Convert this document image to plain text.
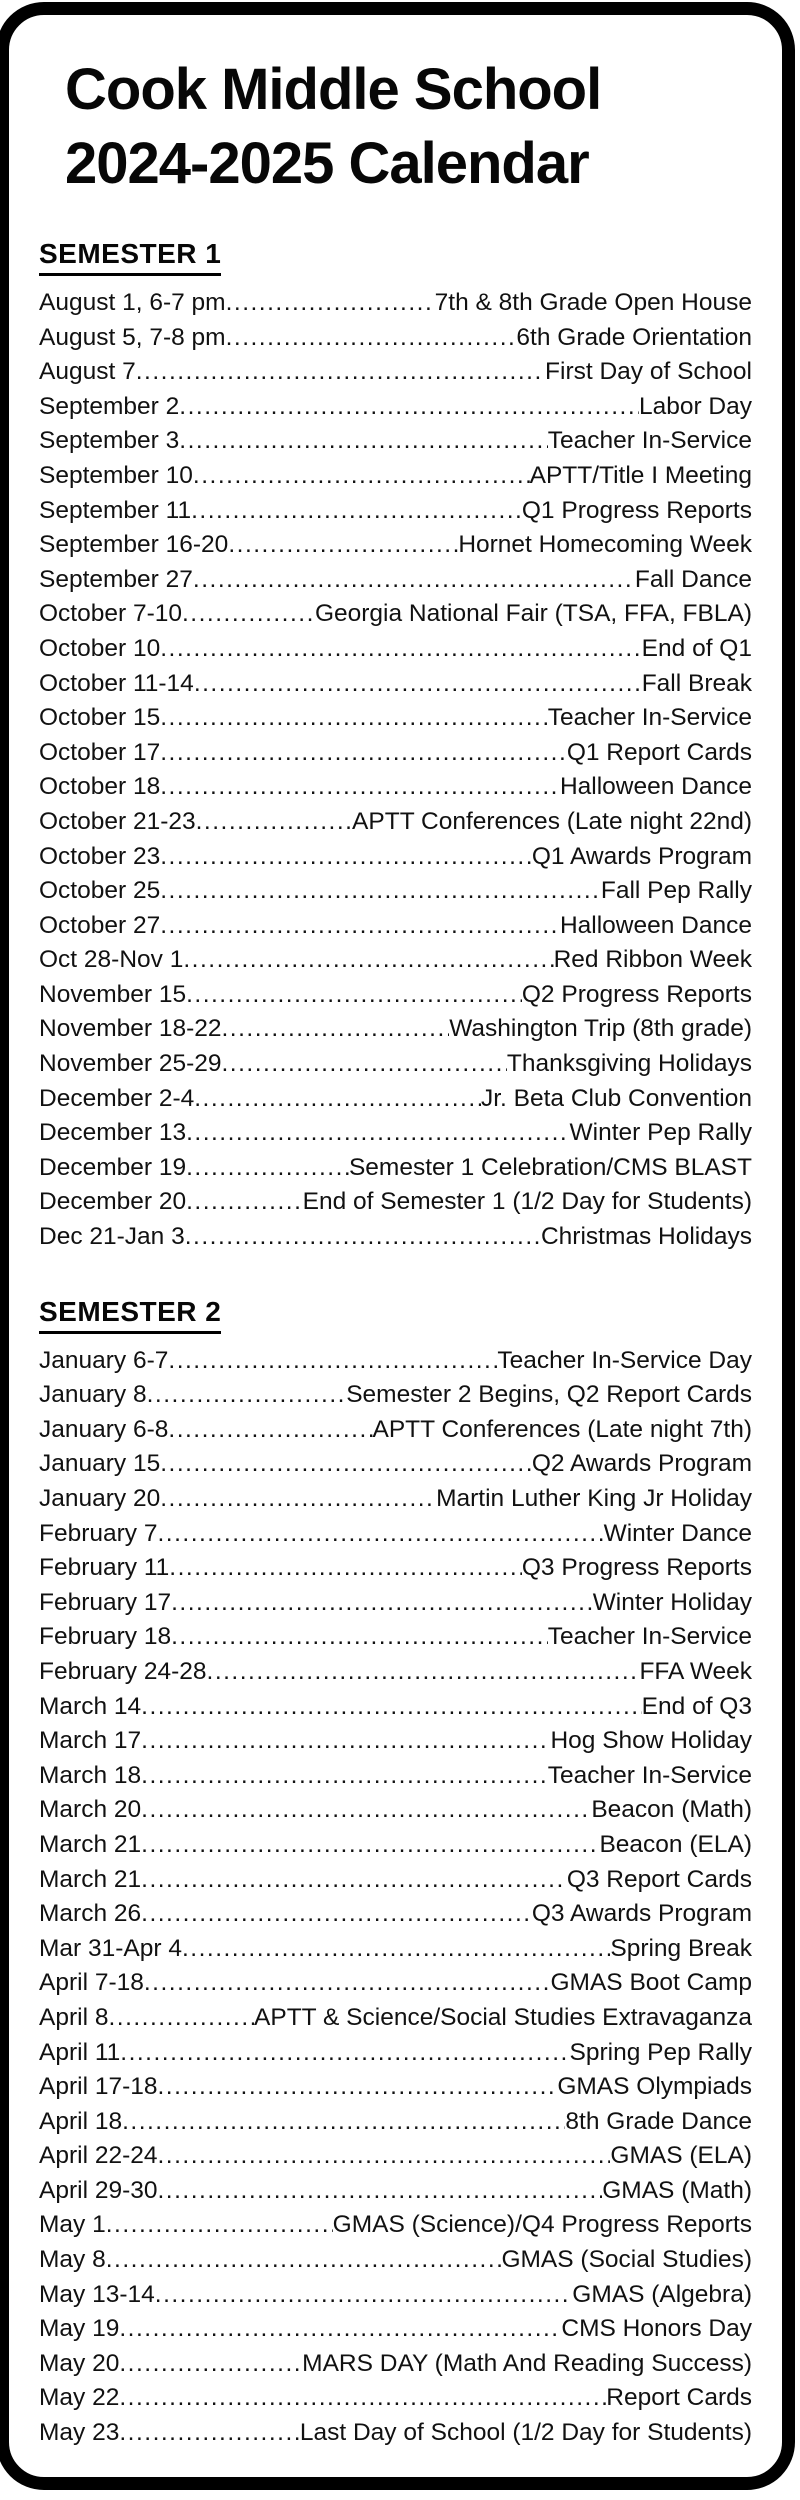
Cook Middle School
2024-2025 Calendar
SEMESTER 1
August 1, 6-7 pm .....	7th & 8th Grade Open House
August 5, 7-8 pm .....	6th Grade Orientation
August 7 .....	First Day of School
September 2 .....	Labor Day
September 3 .....	Teacher In-Service
September 10 .....	APTT/Title I Meeting
September 11 .....	Q1 Progress Reports
September 16-20 .....	Hornet Homecoming Week
September 27 .....	Fall Dance
October 7-10 .....	Georgia National Fair (TSA, FFA, FBLA)
October 10 .....	End of Q1
October 11-14 .....	Fall Break
October 15 .....	Teacher In-Service
October 17 .....	Q1 Report Cards
October 18 .....	Halloween Dance
October 21-23 .....	APTT Conferences (Late night 22nd)
October 23 .....	Q1 Awards Program
October 25 .....	Fall Pep Rally
October 27 .....	Halloween Dance
Oct 28-Nov 1 .....	Red Ribbon Week
November 15 .....	Q2 Progress Reports
November 18-22 .....	Washington Trip (8th grade)
November 25-29 .....	Thanksgiving Holidays
December 2-4 .....	Jr. Beta Club Convention
December 13 .....	Winter Pep Rally
December 19 .....	Semester 1 Celebration/CMS BLAST
December 20 .....	End of Semester 1 (1/2 Day for Students)
Dec 21-Jan 3 .....	Christmas Holidays
SEMESTER 2
January 6-7 .....	Teacher In-Service Day
January 8 .....	Semester 2 Begins, Q2 Report Cards
January 6-8 .....	APTT Conferences (Late night 7th)
January 15 .....	Q2 Awards Program
January 20 .....	Martin Luther King Jr Holiday
February 7 .....	Winter Dance
February 11 .....	Q3 Progress Reports
February 17 .....	Winter Holiday
February 18 .....	Teacher In-Service
February 24-28 .....	FFA Week
March 14 .....	End of Q3
March 17 .....	Hog Show Holiday
March 18 .....	Teacher In-Service
March 20 .....	Beacon (Math)
March 21 .....	Beacon (ELA)
March 21 .....	Q3 Report Cards
March 26 .....	Q3 Awards Program
Mar 31-Apr 4 .....	Spring Break
April 7-18 .....	GMAS Boot Camp
April 8 .....	APTT & Science/Social Studies Extravaganza
April 11 .....	Spring Pep Rally
April 17-18 .....	GMAS Olympiads
April 18 .....	8th Grade Dance
April 22-24 .....	GMAS (ELA)
April 29-30 .....	GMAS (Math)
May 1 .....	GMAS (Science)/Q4 Progress Reports
May 8 .....	GMAS (Social Studies)
May 13-14 .....	GMAS (Algebra)
May 19 .....	CMS Honors Day
May 20 .....	MARS DAY (Math And Reading Success)
May 22 .....	Report Cards
May 23 .....	Last Day of School (1/2 Day for Students)
